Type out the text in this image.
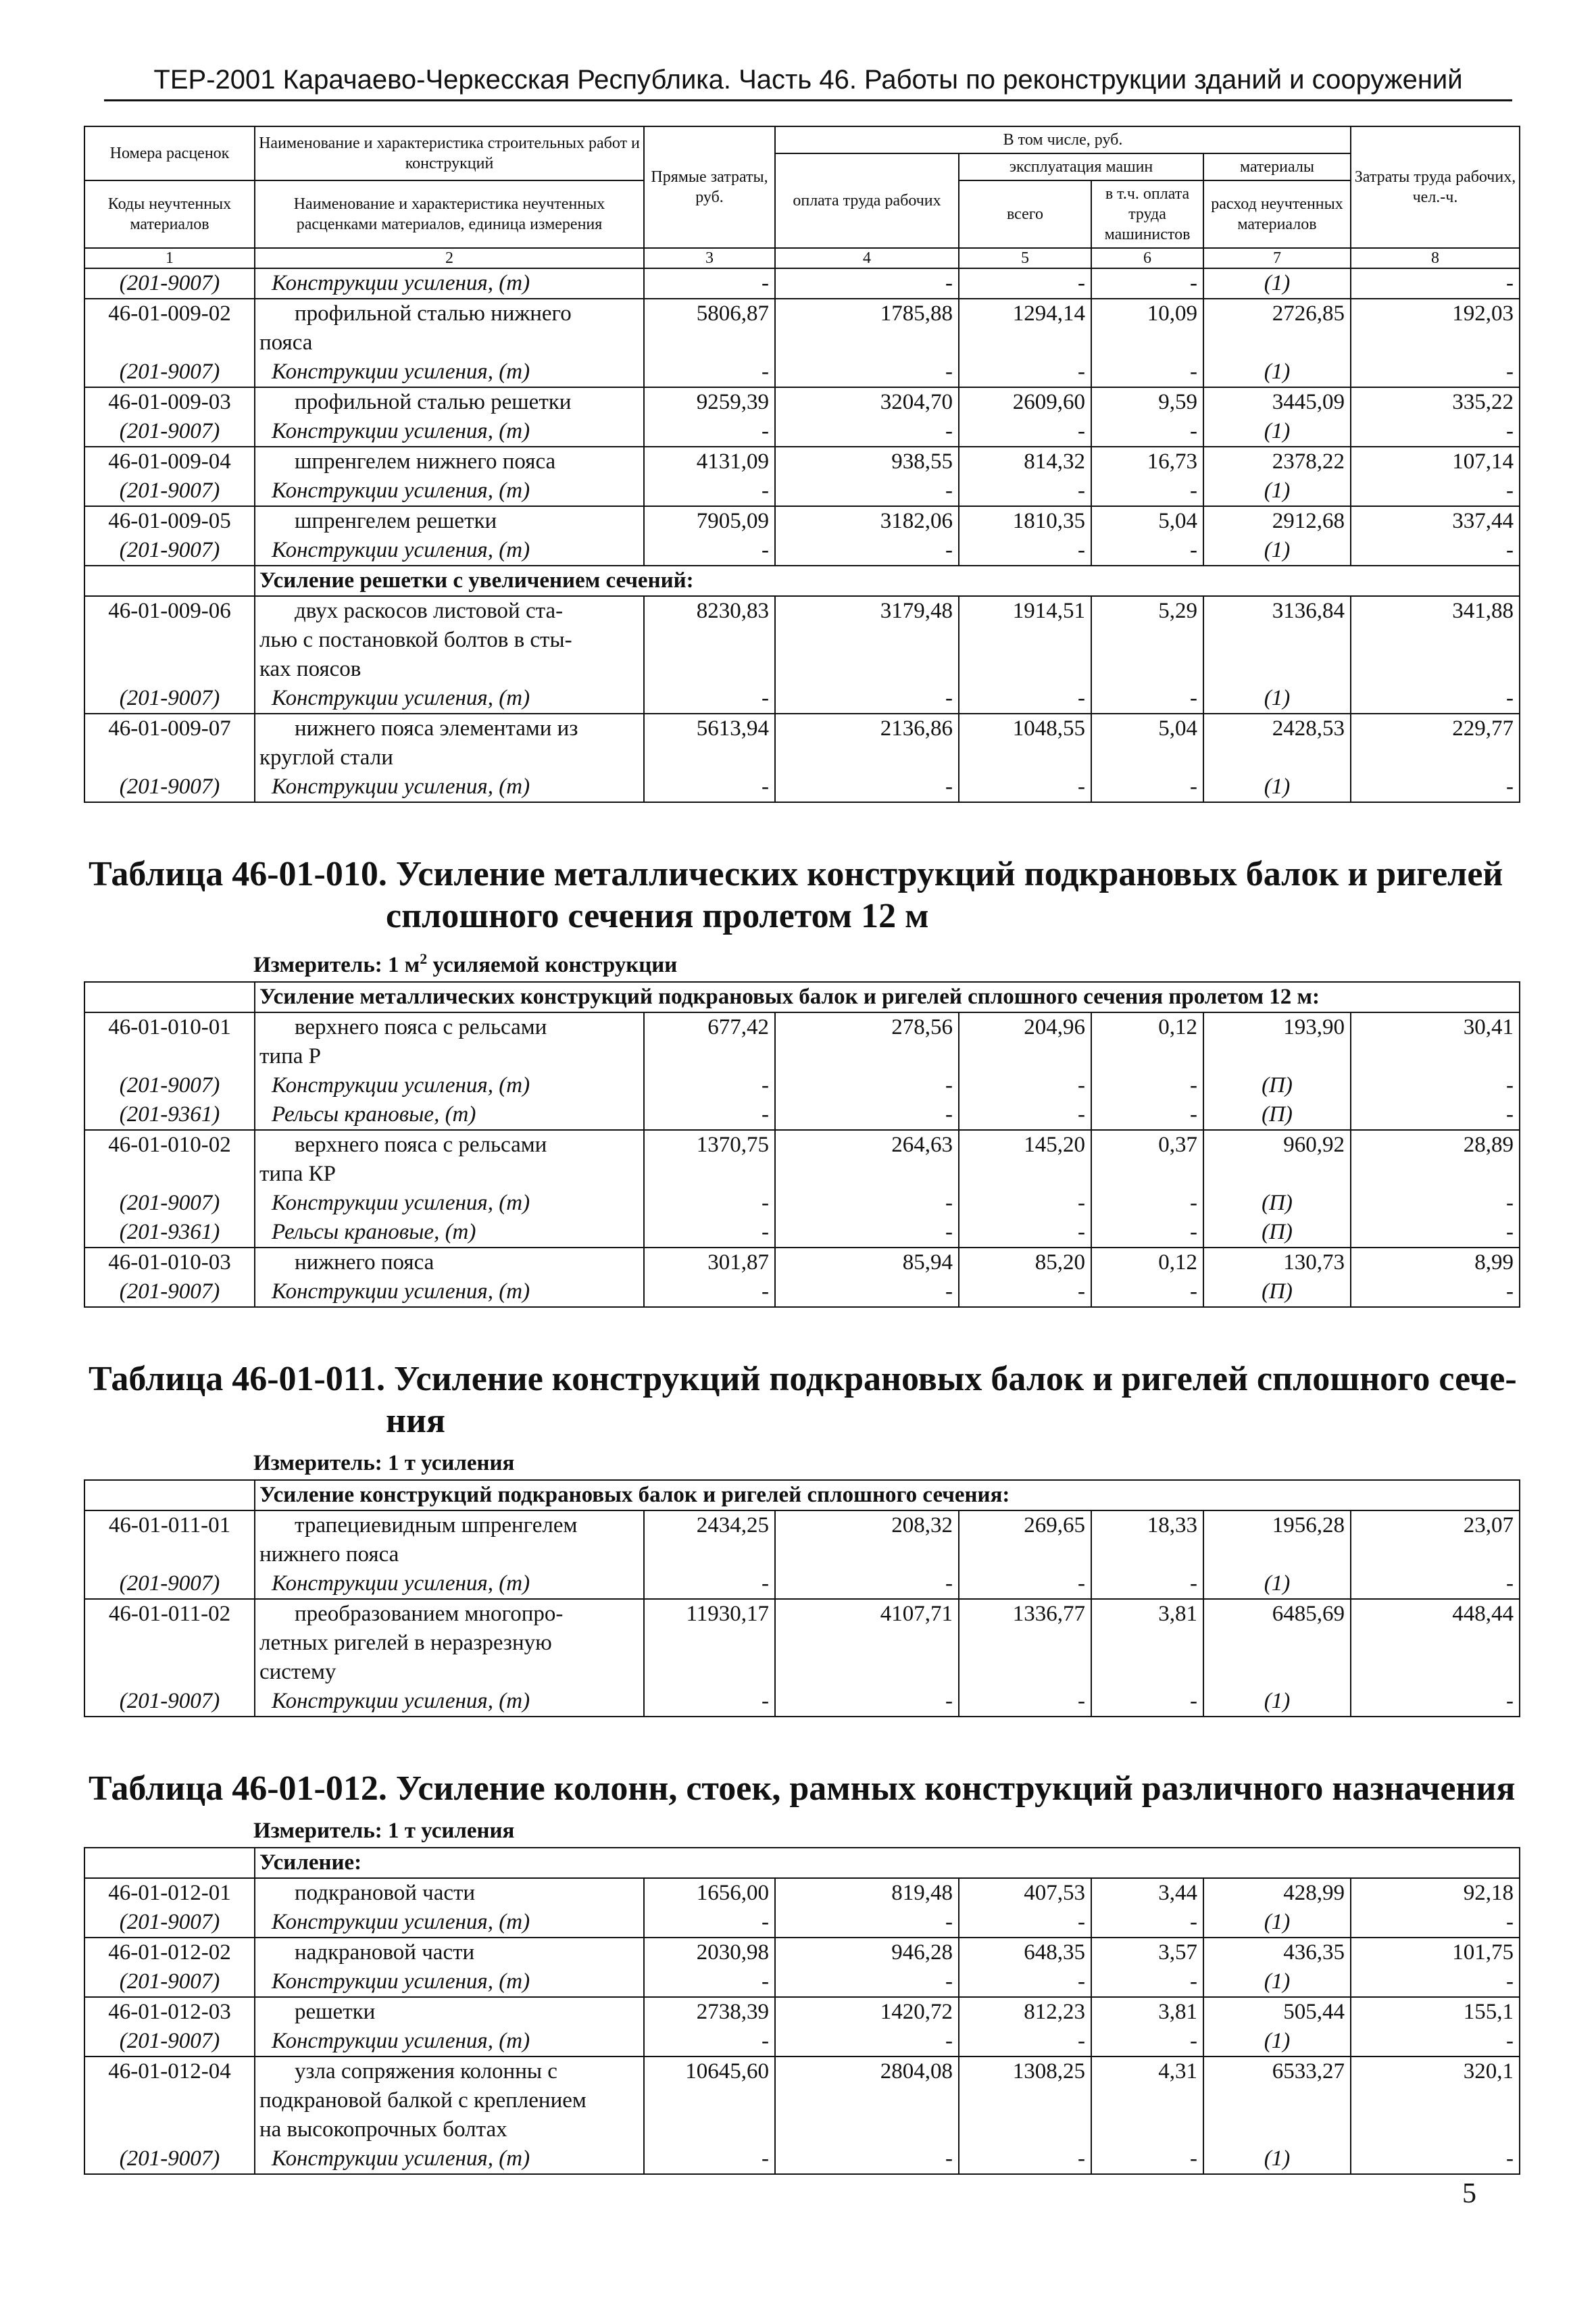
ТЕР-2001 Карачаево-Черкесская Республика. Часть 46. Работы по реконструкции зданий и сооружений
Номера расценок	Наименование и характеристика строительных работ и конструкций	Прямые затраты, руб.	В том числе, руб.				Затраты труда рабочих, чел.-ч.
			оплата труда рабочих	эксплуатация машин		материалы	
Коды неучтенных материалов	Наименование и характеристика неучтенных расценками материалов, единица измерения			всего	в т.ч. оплата труда машинистов	расход неучтенных материалов	

1	2	3	4	5	6	7	8
(201-9007)	Конструкции усиления, (т)	-	-	-	-	(1)	-
46-01-009-02	профильной сталью нижнего
пояса	5806,87	1785,88	1294,14	10,09	2726,85	192,03
(201-9007)	Конструкции усиления, (т)	-	-	-	-	(1)	-
46-01-009-03	профильной сталью решетки	9259,39	3204,70	2609,60	9,59	3445,09	335,22
(201-9007)	Конструкции усиления, (т)	-	-	-	-	(1)	-
46-01-009-04	шпренгелем нижнего пояса	4131,09	938,55	814,32	16,73	2378,22	107,14
(201-9007)	Конструкции усиления, (т)	-	-	-	-	(1)	-
46-01-009-05	шпренгелем решетки	7905,09	3182,06	1810,35	5,04	2912,68	337,44
(201-9007)	Конструкции усиления, (т)	-	-	-	-	(1)	-
	Усиление решетки с увеличением сечений:						
46-01-009-06	двух раскосов листовой ста-
лью с постановкой болтов в сты-
ках поясов	8230,83	3179,48	1914,51	5,29	3136,84	341,88
(201-9007)	Конструкции усиления, (т)	-	-	-	-	(1)	-
46-01-009-07	нижнего пояса элементами из
круглой стали	5613,94	2136,86	1048,55	5,04	2428,53	229,77
(201-9007)	Конструкции усиления, (т)	-	-	-	-	(1)	-

Таблица 46-01-010. Усиление металлических конструкций подкрановых балок и ригелей
сплошного сечения пролетом 12 м							

Измеритель: 1 $м^2$ усиляемой конструкции							
	Усиление металлических конструкций подкрановых балок и ригелей сплошного сечения пролетом 12 м:						
46-01-010-01	верхнего пояса с рельсами
типа Р	677,42	278,56	204,96	0,12	193,90	30,41
(201-9007)	Конструкции усиления, (т)	-	-	-	-	(П)	-
(201-9361)	Рельсы крановые, (т)	-	-	-	-	(П)	-
46-01-010-02	верхнего пояса с рельсами
типа КР	1370,75	264,63	145,20	0,37	960,92	28,89
(201-9007)	Конструкции усиления, (т)	-	-	-	-	(П)	-
(201-9361)	Рельсы крановые, (т)	-	-	-	-	(П)	-
46-01-010-03	нижнего пояса	301,87	85,94	85,20	0,12	130,73	8,99
(201-9007)	Конструкции усиления, (т)	-	-	-	-	(П)	-

Таблица 46-01-011. Усиление конструкций подкрановых балок и ригелей сплошного сече-
ния							

Измеритель: 1 т усиления							
	Усиление конструкций подкрановых балок и ригелей сплошного сечения:						
46-01-011-01	трапециевидным шпренгелем
нижнего пояса	2434,25	208,32	269,65	18,33	1956,28	23,07
(201-9007)	Конструкции усиления, (т)	-	-	-	-	(1)	-
46-01-011-02	преобразованием многопро-
летных ригелей в неразрезную
систему	11930,17	4107,71	1336,77	3,81	6485,69	448,44
(201-9007)	Конструкции усиления, (т)	-	-	-	-	(1)	-

Таблица 46-01-012. Усиление колонн, стоек, рамных конструкций различного назначения							
Измеритель: 1 т усиления							
	Усиление:						
46-01-012-01	подкрановой части	1656,00	819,48	407,53	3,44	428,99	92,18
(201-9007)	Конструкции усиления, (т)	-	-	-	-	(1)	-
46-01-012-02	надкрановой части	2030,98	946,28	648,35	3,57	436,35	101,75
(201-9007)	Конструкции усиления, (т)	-	-	-	-	(1)	-
46-01-012-03	решетки	2738,39	1420,72	812,23	3,81	505,44	155,1
(201-9007)	Конструкции усиления, (т)	-	-	-	-	(1)	-
46-01-012-04	узла сопряжения колонны с
подкрановой балкой с креплением
на высокопрочных болтах	10645,60	2804,08	1308,25	4,31	6533,27	320,1
(201-9007)	Конструкции усиления, (т)	-	-	-	-	(1)	-
5
